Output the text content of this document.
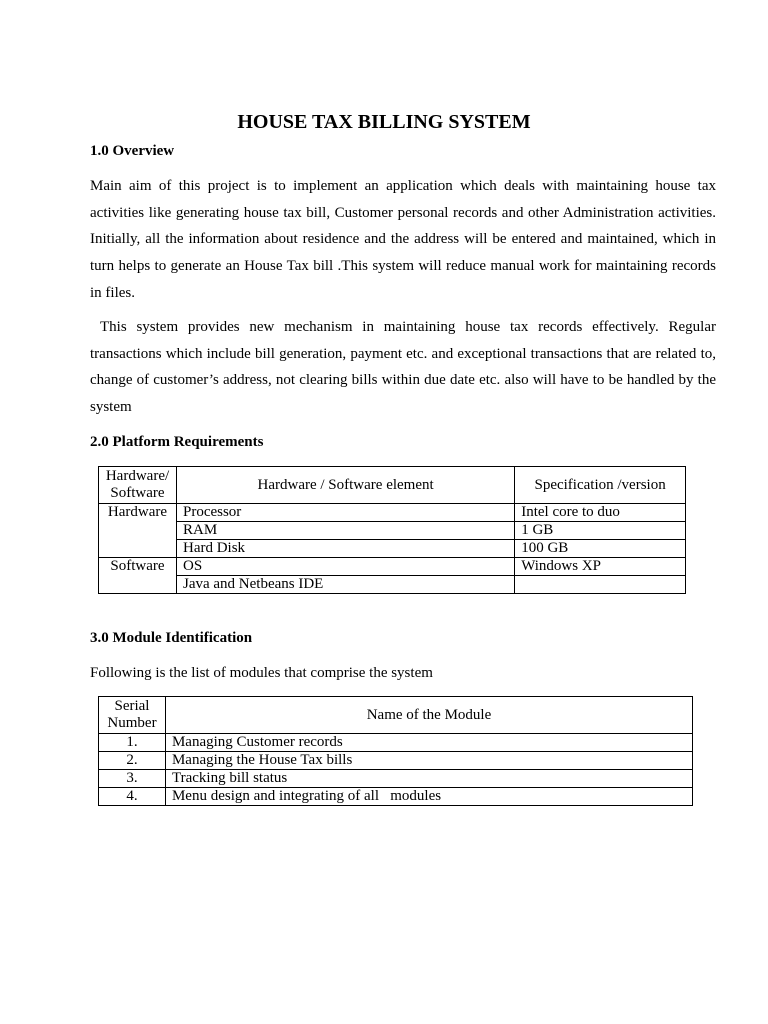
HOUSE TAX BILLING SYSTEM
1.0 Overview

Main aim of this project is to implement an application which deals with maintaining house tax activities like generating house tax bill, Customer personal records and other Administration activities. Initially, all the information about residence and the address will be entered and maintained, which in turn helps to generate an House Tax bill .This system will reduce manual work for maintaining records in files.

This system provides new mechanism in maintaining house tax records effectively. Regular transactions which include bill generation, payment etc. and exceptional transactions that are related to, change of customer’s address, not clearing bills within due date etc. also will have to be handled by the system

2.0 Platform Requirements
Hardware/ Software	Hardware / Software element	Specification /version
Hardware	Processor	Intel core to duo
	RAM	1 GB
	Hard Disk	100 GB
Software	OS	Windows XP
	Java and Netbeans IDE	
3.0 Module Identification

Following is the list of modules that comprise the system

Serial Number	Name of the Module
1.	Managing Customer records
2.	Managing the House Tax bills
3.	Tracking bill status
4.	Menu design and integrating of all   modules
